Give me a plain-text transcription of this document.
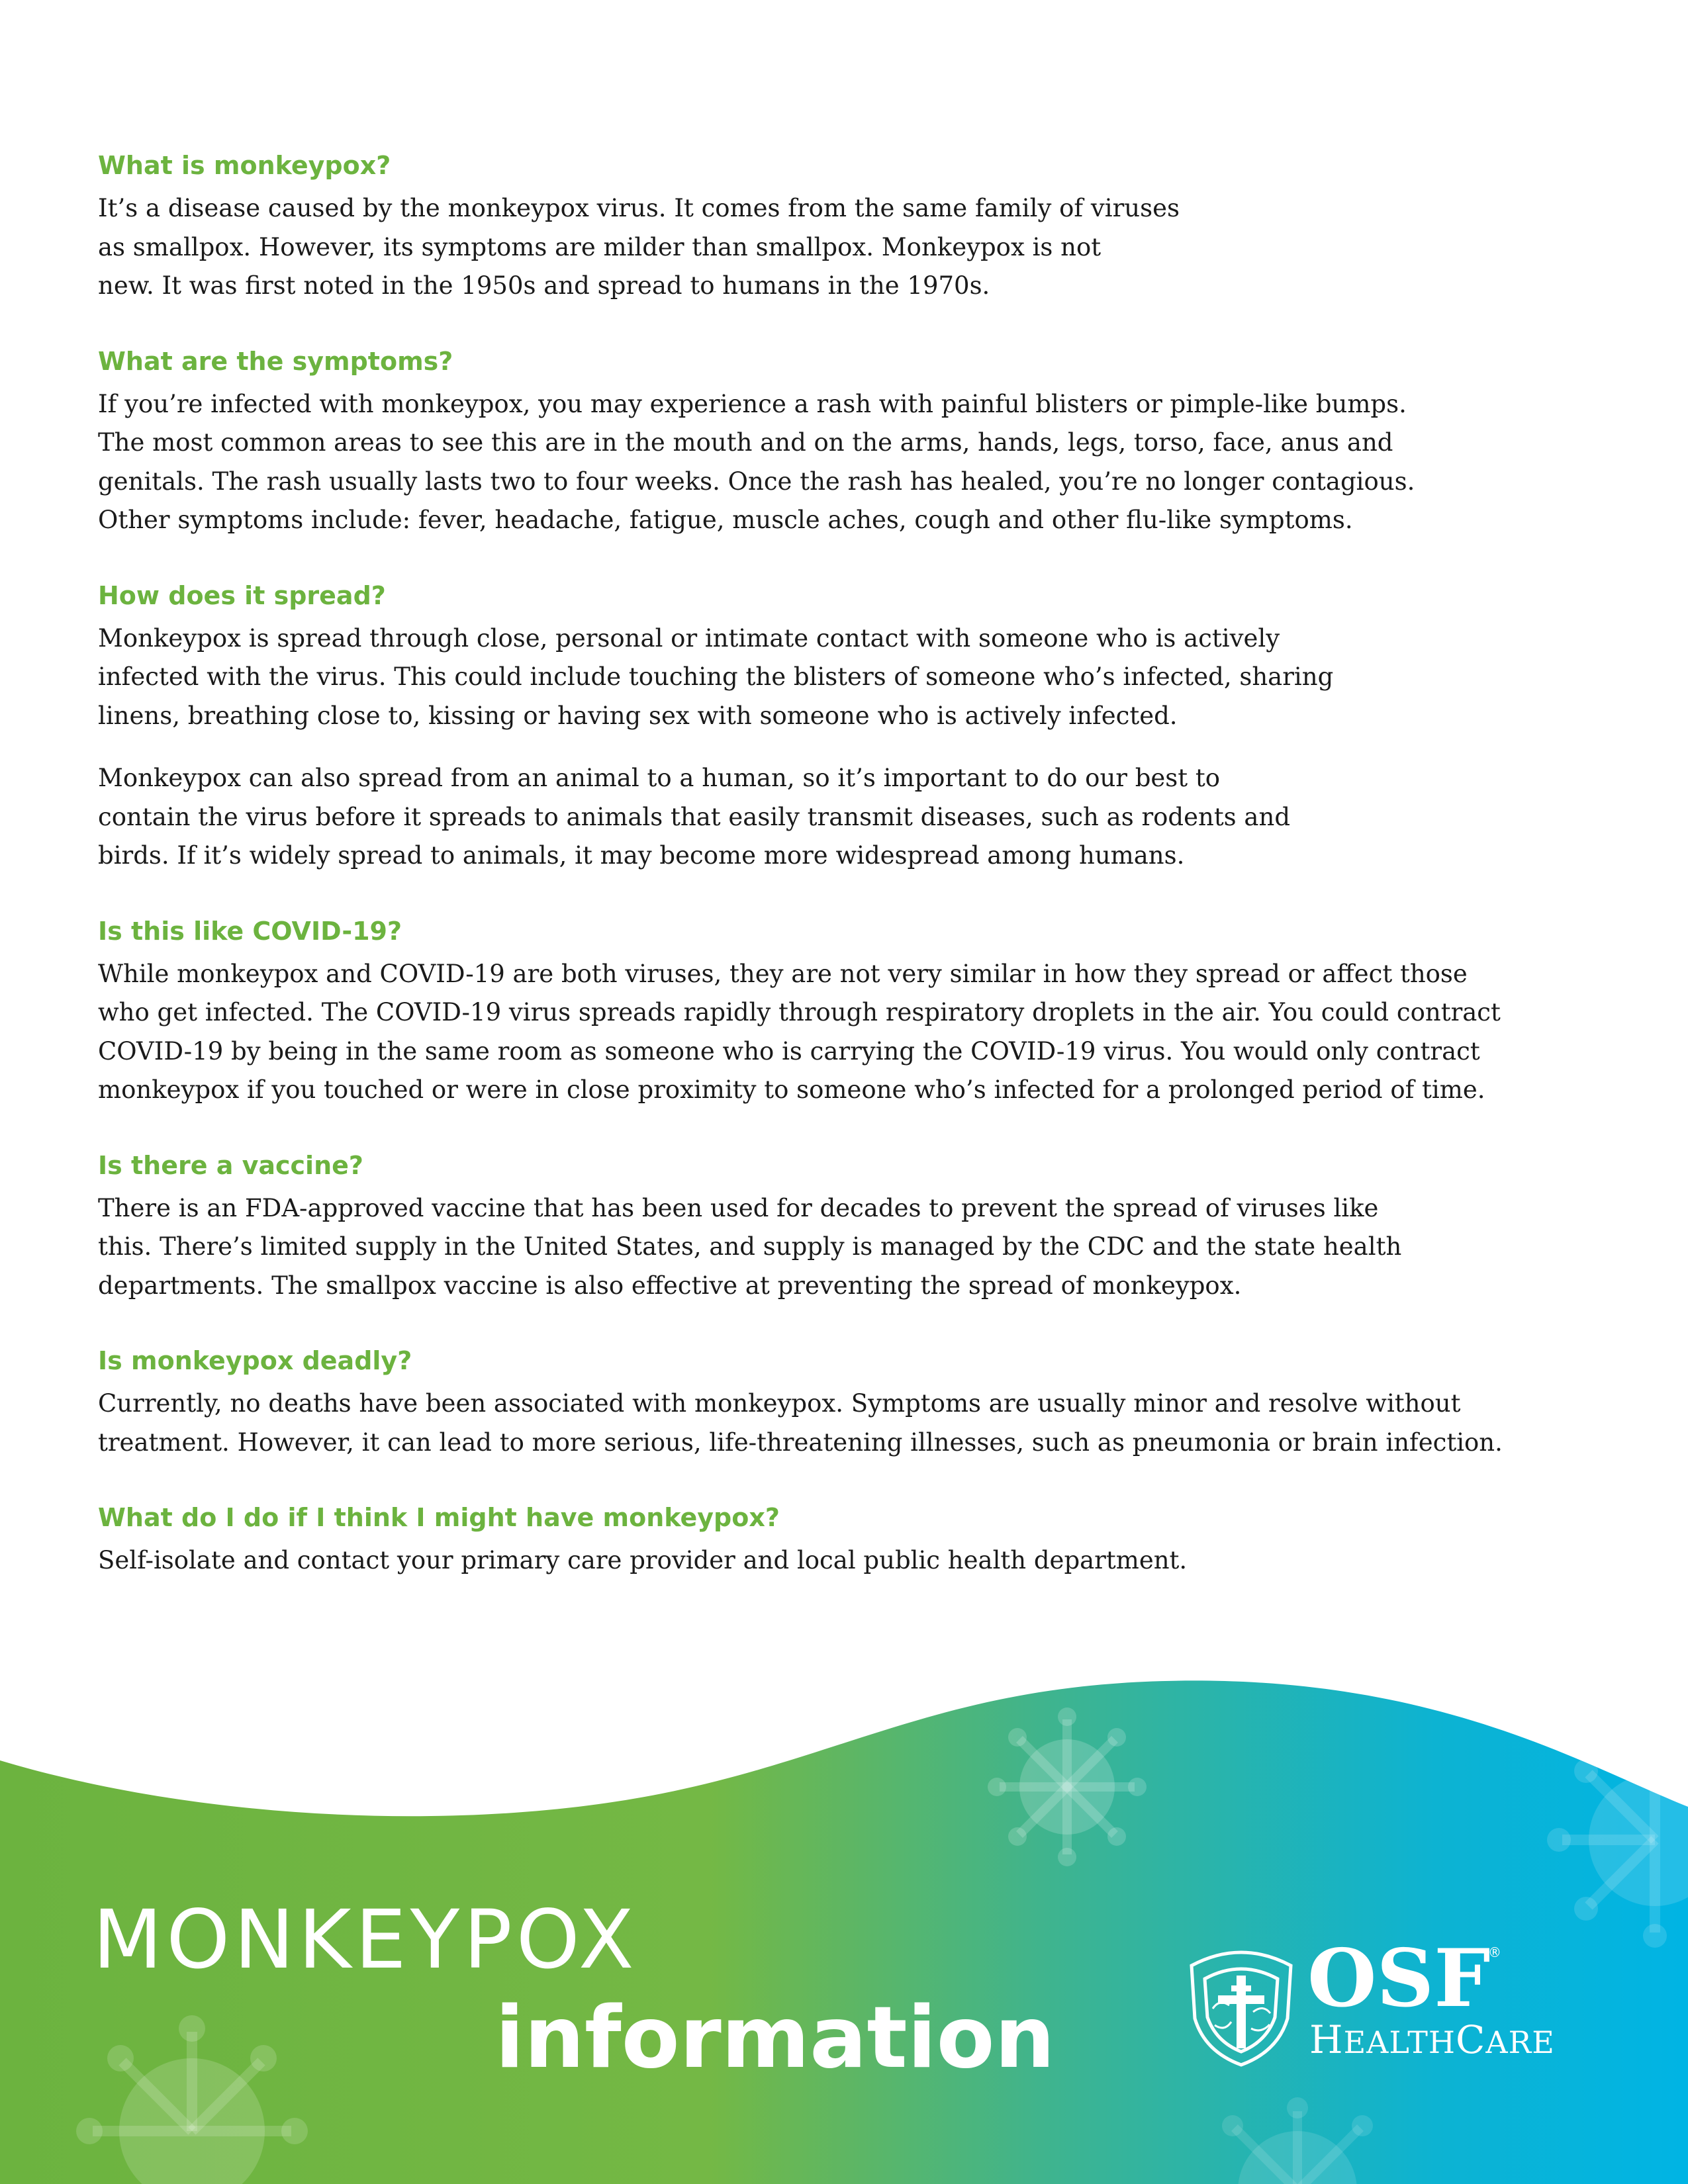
What is monkeypox?

It’s a disease caused by the monkeypox virus. It comes from the same family of viruses
as smallpox. However, its symptoms are milder than smallpox. Monkeypox is not
new. It was first noted in the 1950s and spread to humans in the 1970s.

What are the symptoms?

If you’re infected with monkeypox, you may experience a rash with painful blisters or pimple-like bumps.
The most common areas to see this are in the mouth and on the arms, hands, legs, torso, face, anus and
genitals. The rash usually lasts two to four weeks. Once the rash has healed, you’re no longer contagious.
Other symptoms include: fever, headache, fatigue, muscle aches, cough and other flu-like symptoms.

How does it spread?

Monkeypox is spread through close, personal or intimate contact with someone who is actively
infected with the virus. This could include touching the blisters of someone who’s infected, sharing
linens, breathing close to, kissing or having sex with someone who is actively infected.

Monkeypox can also spread from an animal to a human, so it’s important to do our best to
contain the virus before it spreads to animals that easily transmit diseases, such as rodents and
birds. If it’s widely spread to animals, it may become more widespread among humans.

Is this like COVID-19?

While monkeypox and COVID-19 are both viruses, they are not very similar in how they spread or affect those
who get infected. The COVID-19 virus spreads rapidly through respiratory droplets in the air. You could contract
COVID-19 by being in the same room as someone who is carrying the COVID-19 virus. You would only contract
monkeypox if you touched or were in close proximity to someone who’s infected for a prolonged period of time.

Is there a vaccine?

There is an FDA-approved vaccine that has been used for decades to prevent the spread of viruses like
this. There’s limited supply in the United States, and supply is managed by the CDC and the state health
departments. The smallpox vaccine is also effective at preventing the spread of monkeypox.

Is monkeypox deadly?

Currently, no deaths have been associated with monkeypox. Symptoms are usually minor and resolve without
treatment. However, it can lead to more serious, life-threatening illnesses, such as pneumonia or brain infection.

What do I do if I think I might have monkeypox?

Self-isolate and contact your primary care provider and local public health department.

MONKEYPOX
information
OSF
®
HEALTHCARE
